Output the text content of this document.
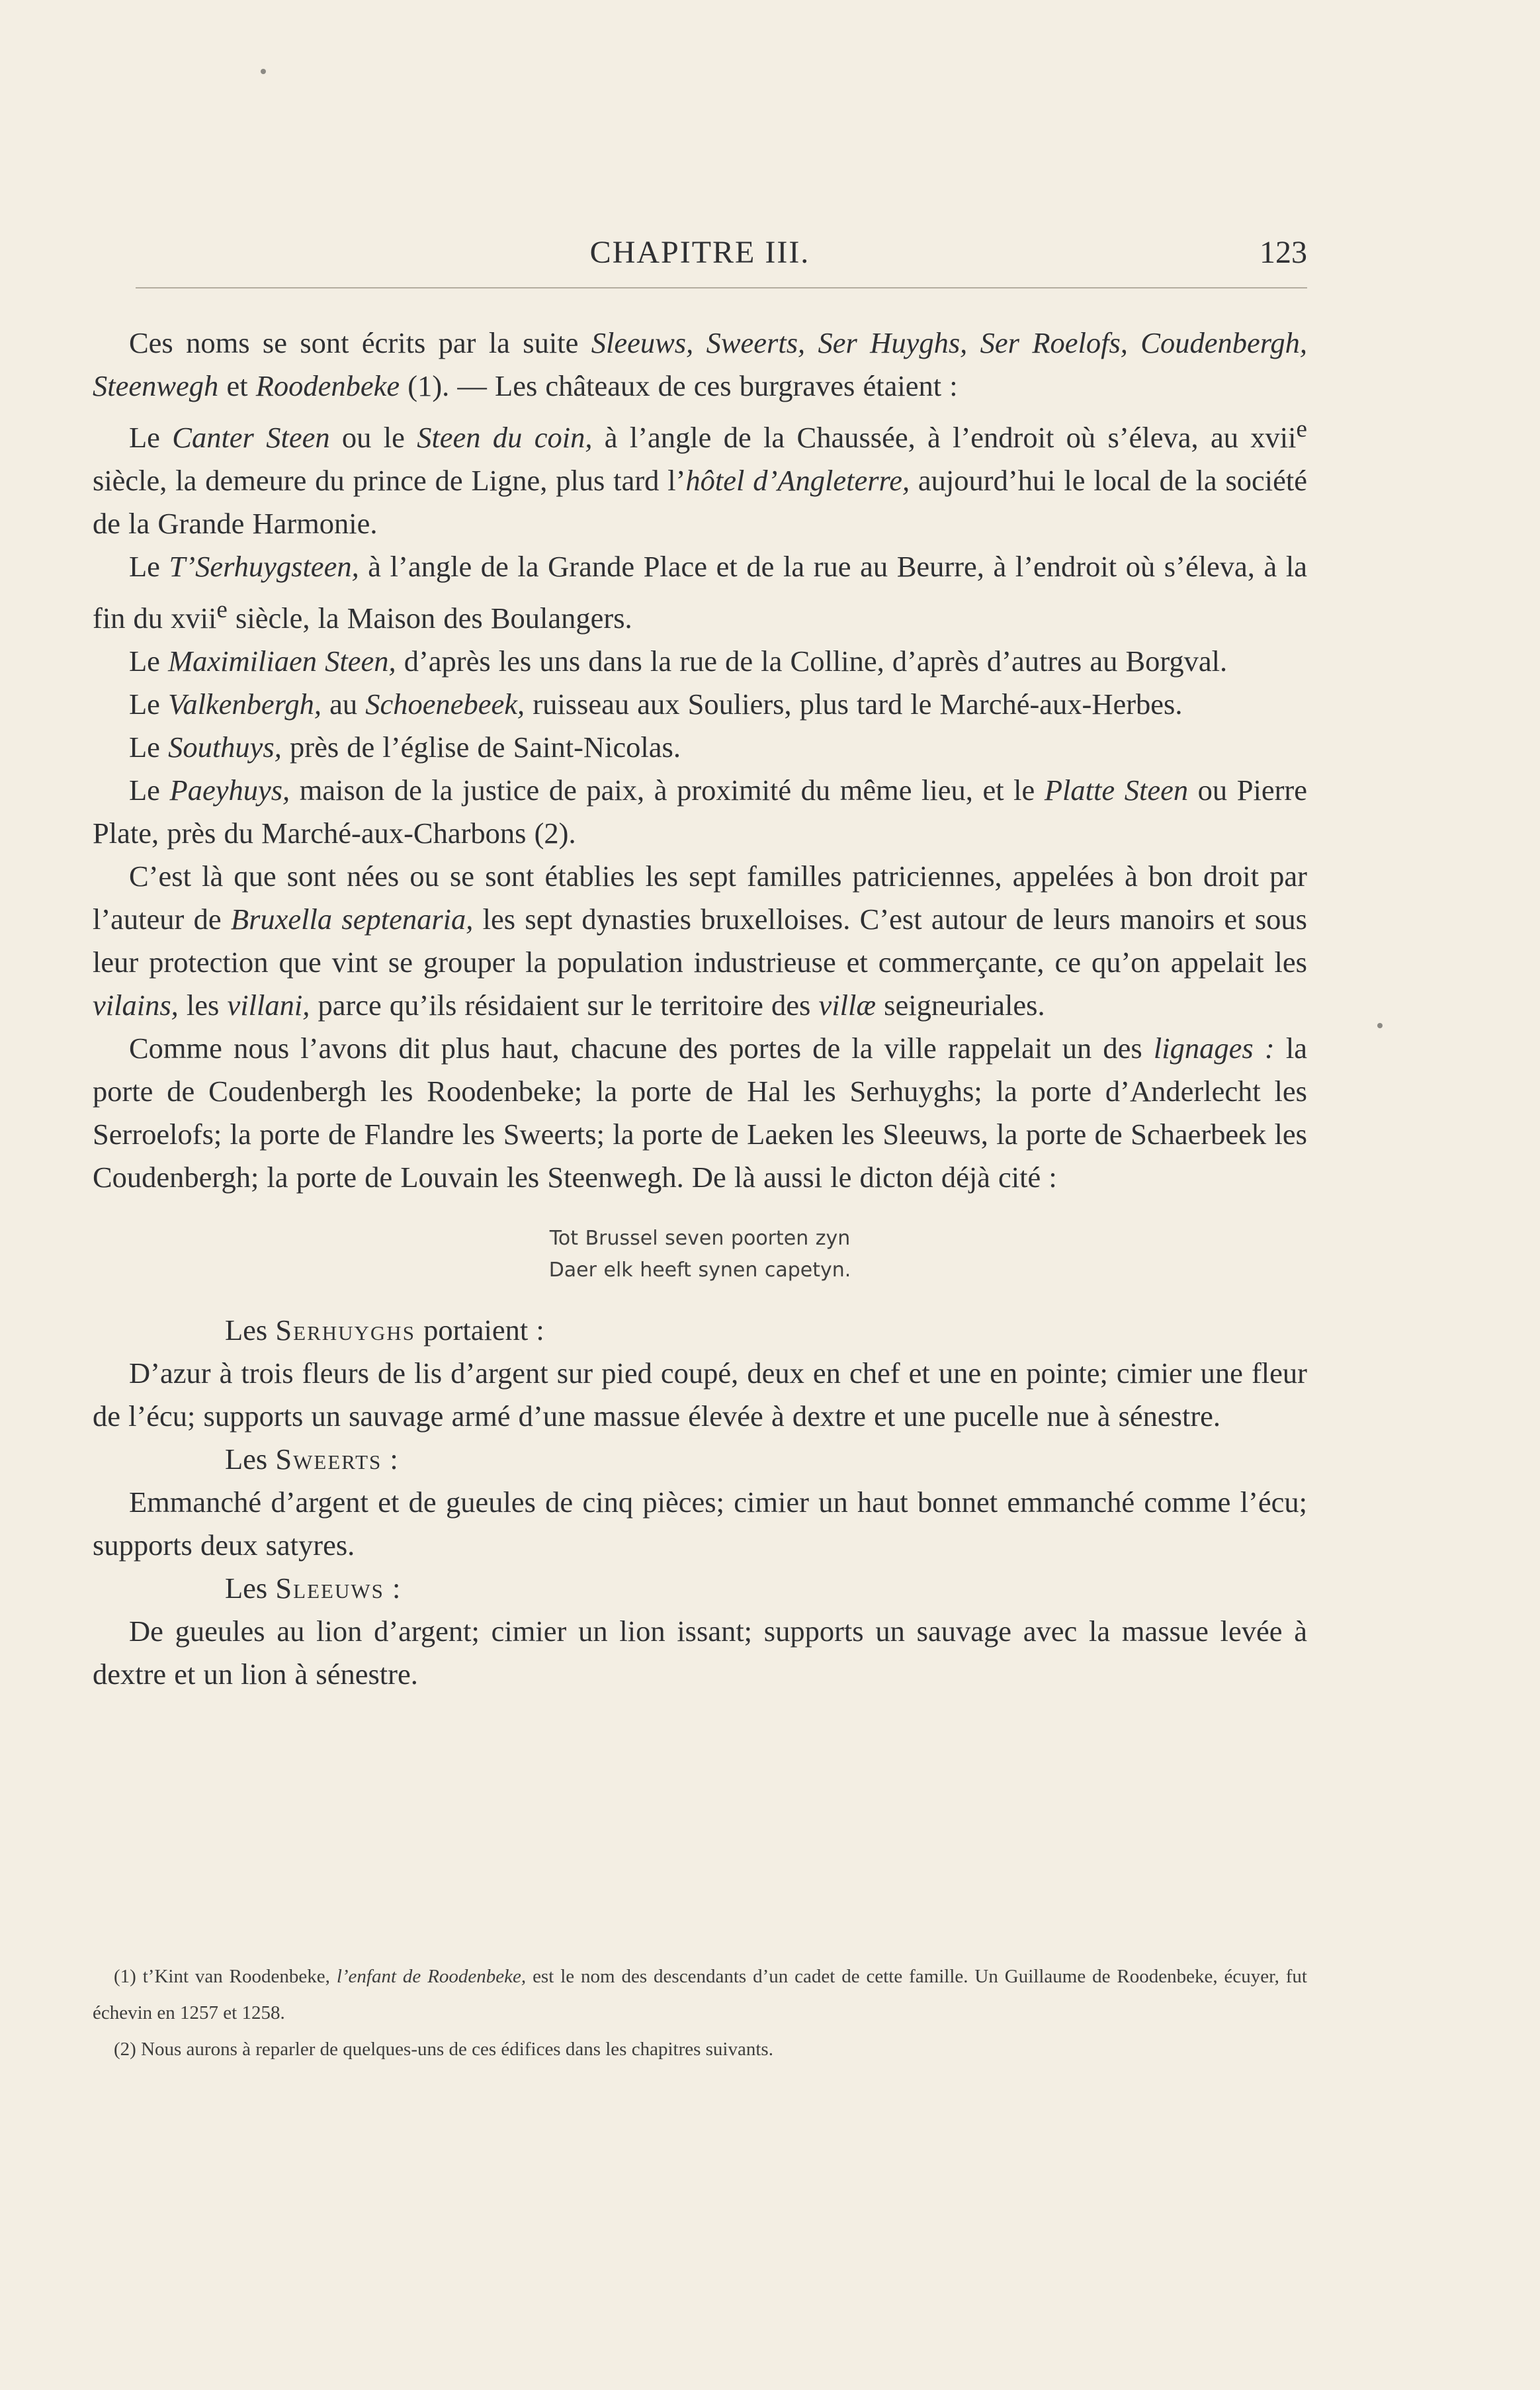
CHAPITRE III.	123

Ces noms se sont écrits par la suite Sleeuws, Sweerts, Ser Huyghs, Ser Roelofs, Coudenbergh, Steenwegh et Roodenbeke (1). — Les châteaux de ces burgraves étaient :

Le Canter Steen ou le Steen du coin, à l’angle de la Chaussée, à l’endroit où s’éleva, au xvii$^e$ siècle, la demeure du prince de Ligne, plus tard l’hôtel d’Angleterre, aujourd’hui le local de la société de la Grande Harmonie.

Le T’Serhuygsteen, à l’angle de la Grande Place et de la rue au Beurre, à l’endroit où s’éleva, à la fin du xvii$^e$ siècle, la Maison des Boulangers.

Le Maximiliaen Steen, d’après les uns dans la rue de la Colline, d’après d’autres au Borgval.

Le Valkenbergh, au Schoenebeek, ruisseau aux Souliers, plus tard le Marché-aux-Herbes.

Le Southuys, près de l’église de Saint-Nicolas.

Le Paeyhuys, maison de la justice de paix, à proximité du même lieu, et le Platte Steen ou Pierre Plate, près du Marché-aux-Charbons (2).

C’est là que sont nées ou se sont établies les sept familles patriciennes, appelées à bon droit par l’auteur de Bruxella septenaria, les sept dynasties bruxelloises. C’est autour de leurs manoirs et sous leur protection que vint se grouper la population industrieuse et commerçante, ce qu’on appelait les vilains, les villani, parce qu’ils résidaient sur le territoire des villæ seigneuriales.

Comme nous l’avons dit plus haut, chacune des portes de la ville rappelait un des lignages : la porte de Coudenbergh les Roodenbeke; la porte de Hal les Serhuyghs; la porte d’Anderlecht les Serroelofs; la porte de Flandre les Sweerts; la porte de Laeken les Sleeuws, la porte de Schaerbeek les Coudenbergh; la porte de Louvain les Steenwegh. De là aussi le dicton déjà cité :

Tot Brussel seven poorten zyn
Daer elk heeft synen capetyn.

Les Serhuyghs portaient :

D’azur à trois fleurs de lis d’argent sur pied coupé, deux en chef et une en pointe; cimier une fleur de l’écu; supports un sauvage armé d’une massue élevée à dextre et une pucelle nue à sénestre.

Les Sweerts :

Emmanché d’argent et de gueules de cinq pièces; cimier un haut bonnet emmanché comme l’écu; supports deux satyres.

Les Sleeuws :

De gueules au lion d’argent; cimier un lion issant; supports un sauvage avec la massue levée à dextre et un lion à sénestre.

(1) t’Kint van Roodenbeke, l’enfant de Roodenbeke, est le nom des descendants d’un cadet de cette famille. Un Guillaume de Roodenbeke, écuyer, fut échevin en 1257 et 1258.

(2) Nous aurons à reparler de quelques-uns de ces édifices dans les chapitres suivants.
